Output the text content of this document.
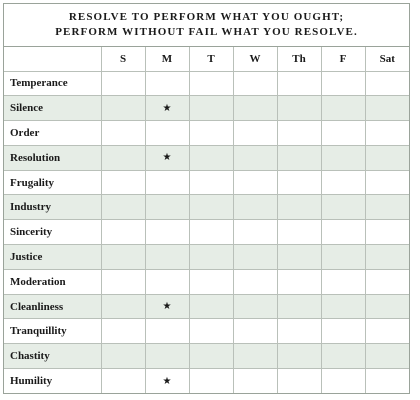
RESOLVE TO PERFORM WHAT YOU OUGHT;
PERFORM WITHOUT FAIL WHAT YOU RESOLVE.
	S	M	T	W	Th	F	Sat
Temperance							
Silence		★					
Order							
Resolution		★					
Frugality							
Industry							
Sincerity							
Justice							
Moderation							
Cleanliness		★					
Tranquillity							
Chastity							
Humility		★					
